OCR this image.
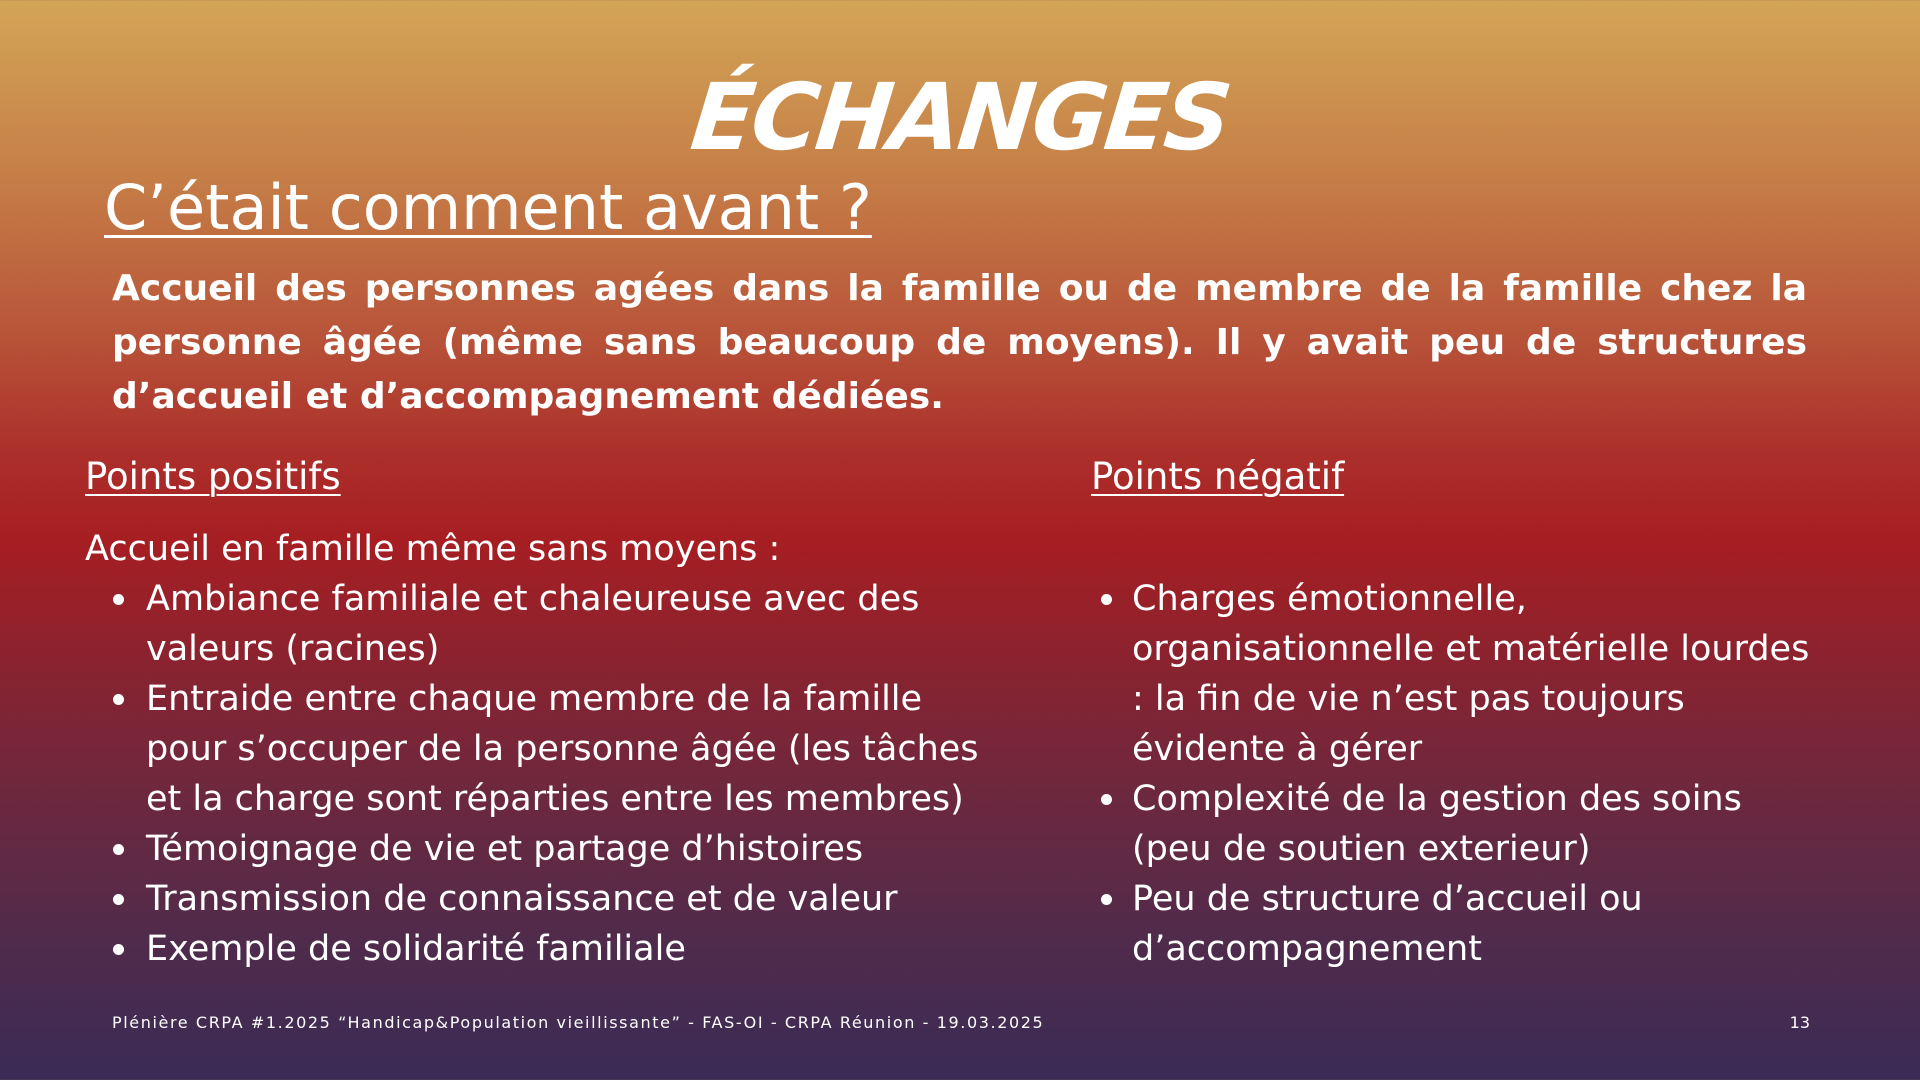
ÉCHANGES
C’était comment avant ?

Accueil des personnes agées dans la famille ou de membre de la famille chez la personne âgée (même sans beaucoup de moyens). Il y avait peu de structures d’accueil et d’accompagnement dédiées.

Points positifs

Accueil en famille même sans moyens :

Ambiance familiale et chaleureuse avec des valeurs (racines)
Entraide entre chaque membre de la famille pour s’occuper de la personne âgée (les tâches et la charge sont réparties entre les membres)
Témoignage de vie et partage d’histoires
Transmission de connaissance et de valeur
Exemple de solidarité familiale

Points négatif

Charges émotionnelle, organisationnelle et matérielle lourdes : la fin de vie n’est pas toujours évidente à gérer
Complexité de la gestion des soins (peu de soutien exterieur)
Peu de structure d’accueil ou d’accompagnement
Plénière CRPA #1.2025 “Handicap&Population vieillissante” - FAS-OI - CRPA Réunion - 19.03.2025	13
